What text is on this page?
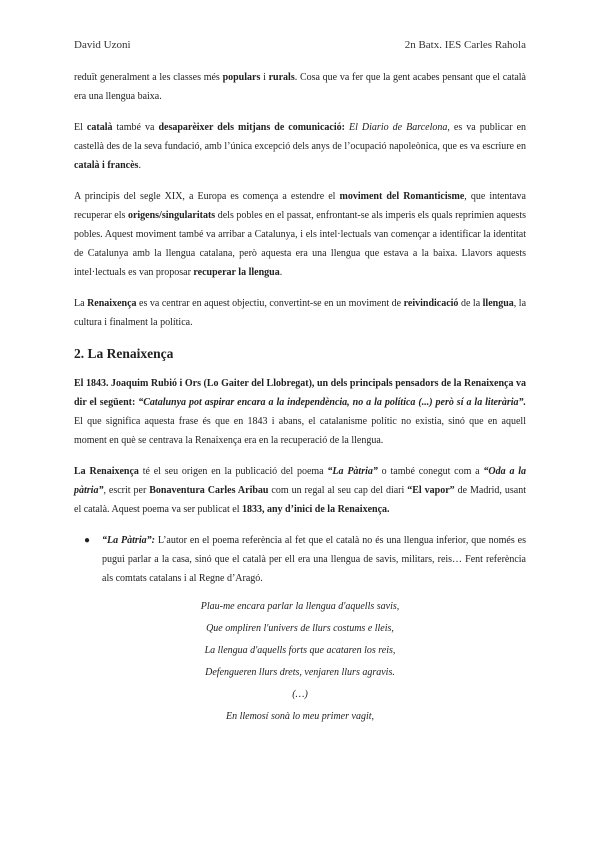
David Uzoni	2n Batx. IES Carles Rahola

reduït generalment a les classes més populars i rurals. Cosa que va fer que la gent acabes pensant que el català era una llengua baixa.

El català també va desaparèixer dels mitjans de comunicació: El Diario de Barcelona, es va publicar en castellà des de la seva fundació, amb l’única excepció dels anys de l’ocupació napoleònica, que es va escriure en català i francès.

A principis del segle XIX, a Europa es comença a estendre el moviment del Romanticisme, que intentava recuperar els origens/singularitats dels pobles en el passat, enfrontant-se als imperis els quals reprimien aquests pobles. Aquest moviment també va arribar a Catalunya, i els intel·lectuals van començar a identificar la identitat de Catalunya amb la llengua catalana, però aquesta era una llengua que estava a la baixa. Llavors aquests intel·lectuals es van proposar recuperar la llengua.

La Renaixença es va centrar en aquest objectiu, convertint-se en un moviment de reivindicació de la llengua, la cultura i finalment la política.

2. La Renaixença

El 1843. Joaquim Rubió i Ors (Lo Gaiter del Llobregat), un dels principals pensadors de la Renaixença va dir el següent: “Catalunya pot aspirar encara a la independència, no a la política (...) però sí a la literària”. El que significa aquesta frase és que en 1843 i abans, el catalanisme polític no existia, sinó que en aquell moment en què se centrava la Renaixença era en la recuperació de la llengua.

La Renaixença té el seu origen en la publicació del poema “La Pàtria” o també conegut com a “Oda a la pàtria”, escrit per Bonaventura Carles Aribau com un regal al seu cap del diari “El vapor” de Madrid, usant el català. Aquest poema va ser publicat el 1833, any d’inici de la Renaixença.

● “La Pàtria”: L’autor en el poema referència al fet que el català no és una llengua inferior, que només es pugui parlar a la casa, sinó que el català per ell era una llengua de savis, militars, reis… Fent referència als comtats catalans i al Regne d’Aragó.
Plau-me encara parlar la llengua d'aquells savis,
Que ompliren l'univers de llurs costums e lleis,
La llengua d'aquells forts que acataren los reis,
Defengueren llurs drets, venjaren llurs agravis.
(…)
En llemosí sonà lo meu primer vagit,
